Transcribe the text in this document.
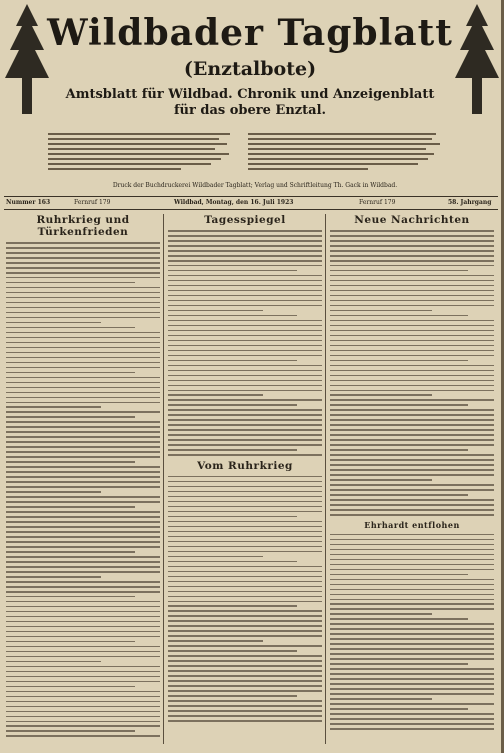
Wildbader Tagblatt
(Enztalbote)
Amtsblatt für Wildbad. Chronik und Anzeigenblatt
für das obere Enztal.
Druck der Buchdruckerei Wildbader Tagblatt; Verlag und Schriftleitung Th. Gack in Wildbad.
Nummer 163	Fernruf 179	Wildbad, Montag, den 16. Juli 1923	Fernruf 179	58. Jahrgang
Ruhrkrieg und Türkenfrieden
Tagesspiegel
Vom Ruhrkrieg
Neue Nachrichten
Ehrhardt entflohen
